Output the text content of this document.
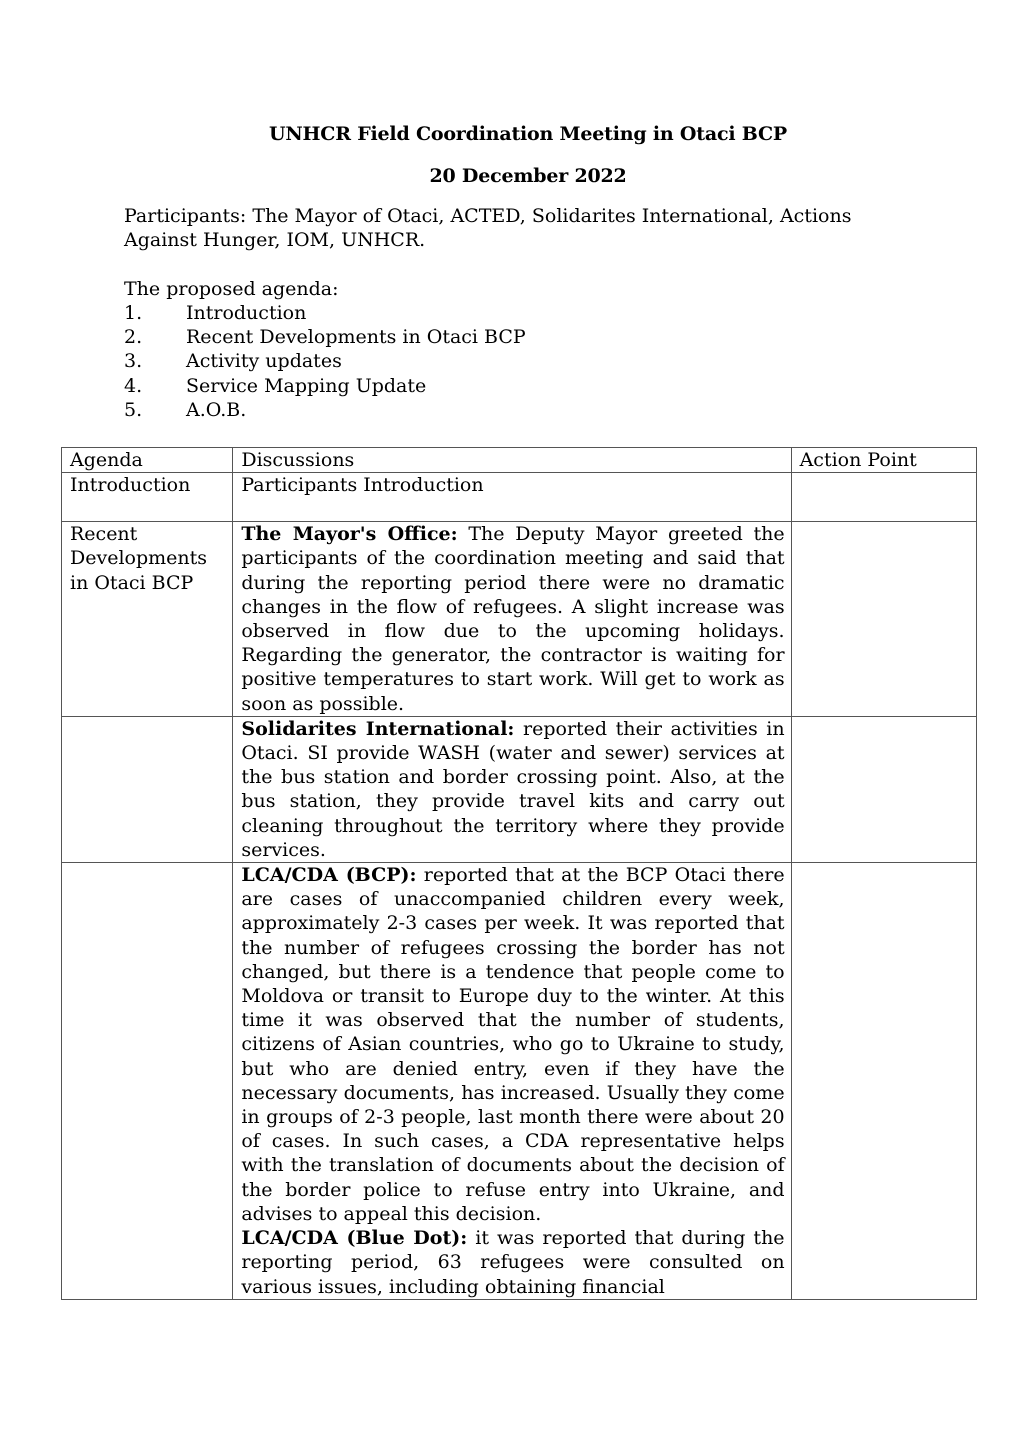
UNHCR Field Coordination Meeting in Otaci BCP
20 December 2022
Participants: The Mayor of Otaci, ACTED, Solidarites International, Actions Against Hunger, IOM, UNHCR.
The proposed agenda:
1. Introduction
2. Recent Developments in Otaci BCP
3. Activity updates
4. Service Mapping Update
5. A.O.B.
Agenda	Discussions	Action Point
Introduction	Participants Introduction	
Recent Developments in Otaci BCP	The Mayor's Office: The Deputy Mayor greeted the participants of the coordination meeting and said that during the reporting period there were no dramatic changes in the flow of refugees. A slight increase was observed in flow due to the upcoming holidays. Regarding the generator, the contractor is waiting for positive temperatures to start work. Will get to work as soon as possible.	
	Solidarites International: reported their activities in Otaci. SI provide WASH (water and sewer) services at the bus station and border crossing point. Also, at the bus station, they provide travel kits and carry out cleaning throughout the territory where they provide services.	
	LCA/CDA (BCP): reported that at the BCP Otaci there are cases of unaccompanied children every week, approximately 2-3 cases per week. It was reported that the number of refugees crossing the border has not changed, but there is a tendence that people come to Moldova or transit to Europe duy to the winter. At this time it was observed that the number of students, citizens of Asian countries, who go to Ukraine to study, but who are denied entry, even if they have the necessary documents, has increased. Usually they come in groups of 2-3 people, last month there were about 20 of cases. In such cases, a CDA representative helps with the translation of documents about the decision of the border police to refuse entry into Ukraine, and advises to appeal this decision.
LCA/CDA (Blue Dot): it was reported that during the reporting period, 63 refugees were consulted on various issues, including obtaining financial	
